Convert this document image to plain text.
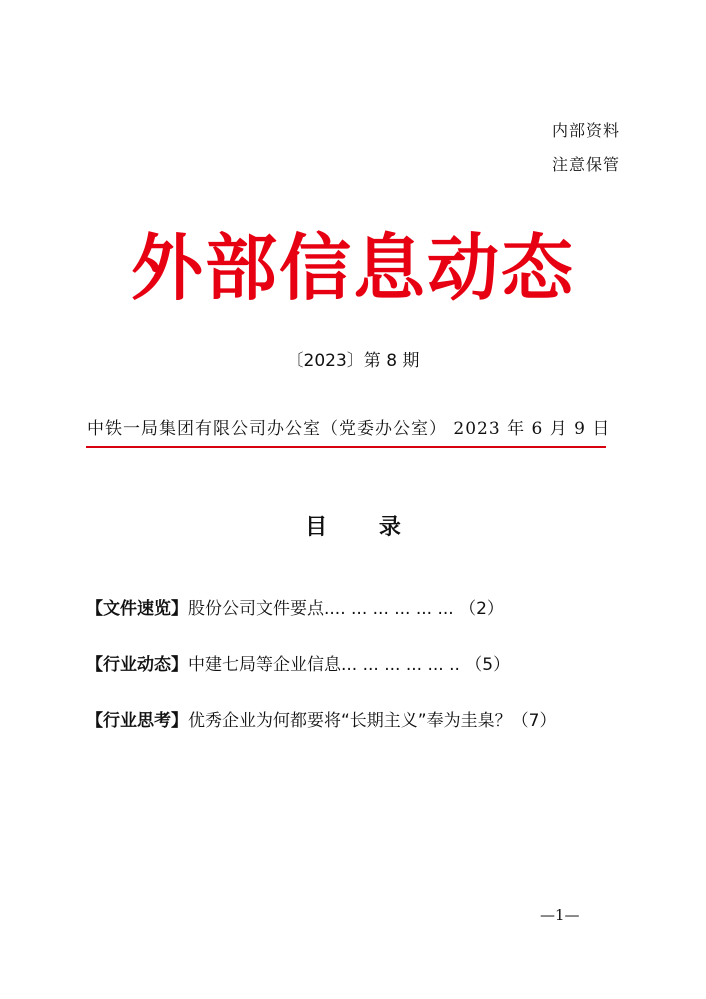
内部资料
注意保管
外部信息动态
〔2023〕第 8 期
中铁一局集团有限公司办公室（党委办公室） 2023 年 6 月 9 日
目 录
【文件速览】股份公司文件要点.... ... ... ... ... ... （2）
【行业动态】中建七局等企业信息... ... ... ... ... .. （5）
【行业思考】优秀企业为何都要将“长期主义”奉为圭臬？（7）
—1—
